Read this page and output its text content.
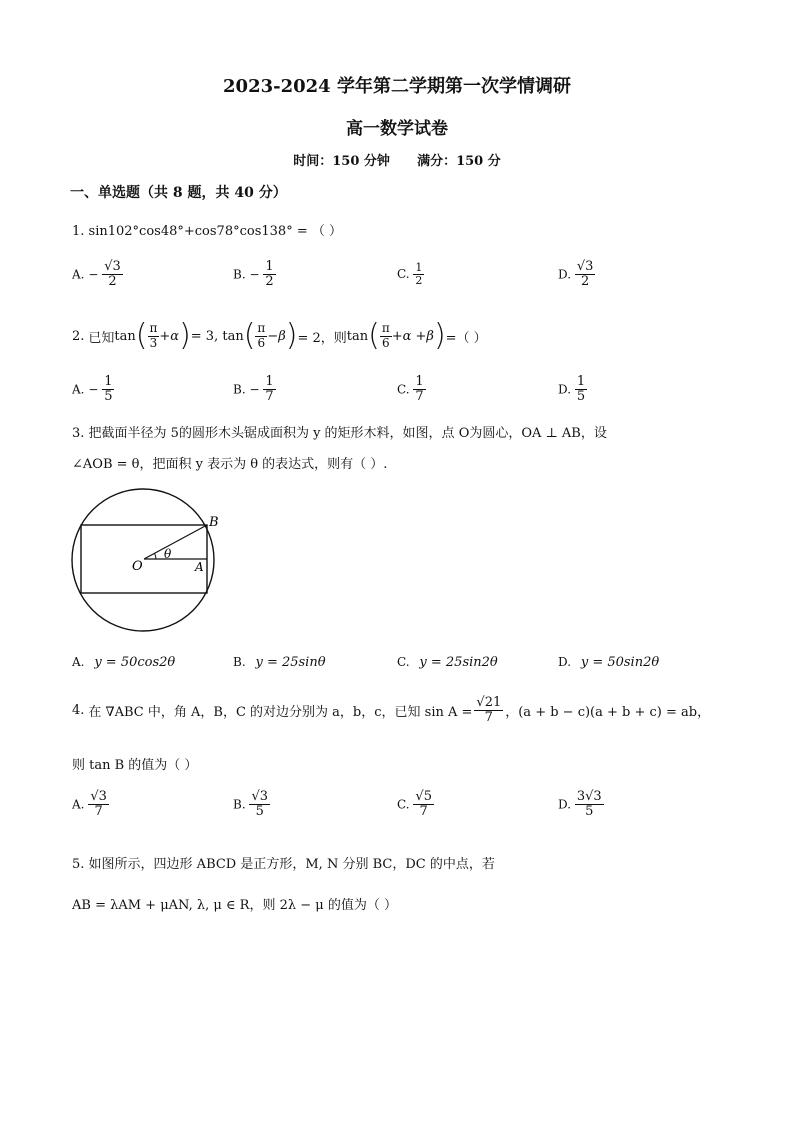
2023-2024 学年第二学期第一次学情调研
高一数学试卷
时间：150 分钟      满分：150 分
一、单选题（共 8 题，共 40 分）
1. sin102°cos48°+cos78°cos138° = （ ）
A. − $\frac{√3}{2}$	B. − $\frac{1}{2}$	C. $\frac{1}{2}$	D. $\frac{√3}{2}$
2. 已知 tan ( $\frac{\pi}{3} +\alpha$ ) = 3, tan ( $\frac{\pi}{6} -\beta$ ) = 2，则 tan ( $\frac{\pi}{6} +\alpha +\beta$ ) =（ ）
A. − $\frac{1}{5}$	B. − $\frac{1}{7}$	C. $\frac{1}{7}$	D. $\frac{1}{5}$
3. 把截面半径为 5的圆形木头锯成面积为 y 的矩形木料，如图，点 O为圆心，OA ⊥ AB，设
∠AOB = θ，把面积 y 表示为 θ 的表达式，则有（ ）.
B
O	A
θ
A. y = 50cos2θ	B. y = 25sinθ	C. y = 25sin2θ	D. y = 50sin2θ
4. 在 ∇ABC 中，角 A，B，C 的对边分别为 a，b，c，已知 $\sin A = \frac{√21}{7}$ ，(a + b − c)(a + b + c) = ab，
则 tan B 的值为（ ）
A. $\frac{√3}{7}$	B. $\frac{√3}{5}$	C. $\frac{√5}{7}$	D. $\frac{3√3}{5}$
5. 如图所示，四边形 ABCD 是正方形，M, N 分别 BC，DC 的中点，若
AB = λAM + μAN, λ, μ ∈ R，则 2λ − μ 的值为（ ）
